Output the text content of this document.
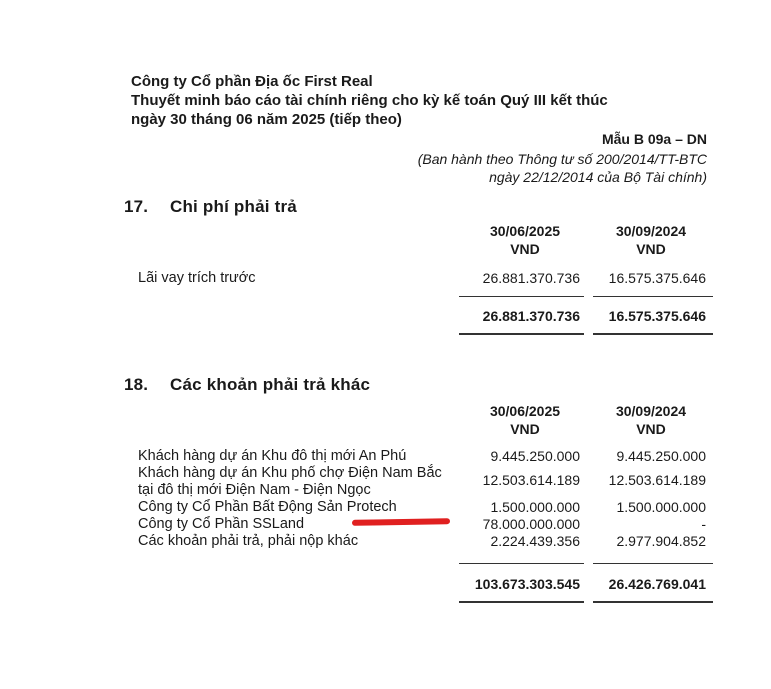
Công ty Cổ phần Địa ốc First Real
Thuyết minh báo cáo tài chính riêng cho kỳ kế toán Quý III kết thúc
ngày 30 tháng 06 năm 2025 (tiếp theo)
Mẫu B 09a – DN
(Ban hành theo Thông tư số 200/2014/TT-BTC
ngày 22/12/2014 của Bộ Tài chính)
17. Chi phí phải trả
30/06/2025
VND
30/09/2024
VND
Lãi vay trích trước	26.881.370.736 16.575.375.646
26.881.370.736 16.575.375.646
18. Các khoản phải trả khác
30/06/2025
VND
30/09/2024
VND
Khách hàng dự án Khu đô thị mới An Phú	9.445.250.000	9.445.250.000
Khách hàng dự án Khu phố chợ Điện Nam Bắc
tại đô thị mới Điện Nam - Điện Ngọc
12.503.614.189 12.503.614.189
Công ty Cổ Phần Bất Động Sản Protech	1.500.000.000	1.500.000.000
Công ty Cổ Phần SSLand	78.000.000.000	-
Các khoản phải trả, phải nộp khác	2.224.439.356	2.977.904.852
103.673.303.545 26.426.769.041
